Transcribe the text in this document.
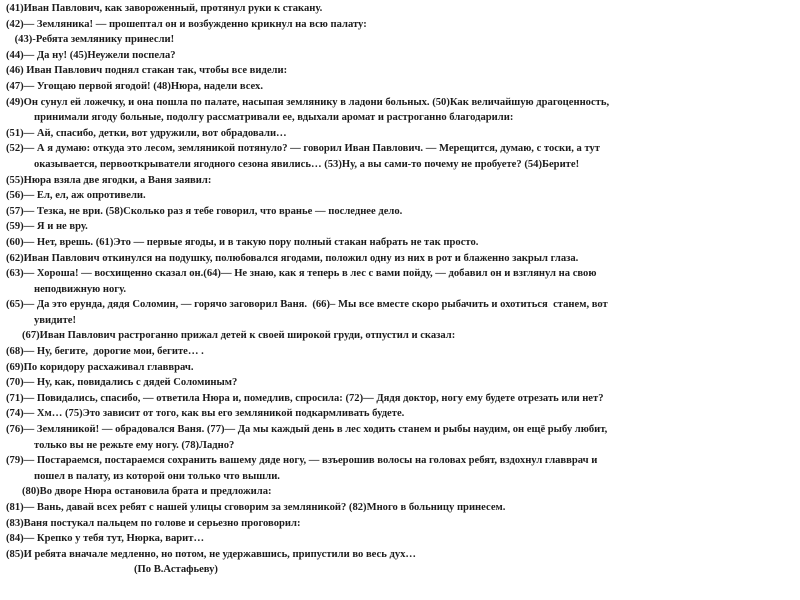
(41)Иван Павлович, как завороженный, протянул руки к стакану.
(42)— Земляника! — прошептал он и возбужденно крикнул на всю палату:
(43)-Ребята землянику принесли!
(44)— Да ну! (45)Неужели поспела?
(46) Иван Павлович поднял стакан так, чтобы все видели:
(47)— Угощаю первой ягодой! (48)Нюра, надели всех.
(49)Он сунул ей ложечку, и она пошла по палате, насыпая землянику в ладони больных. (50)Как величайшую драгоценность,
принимали ягоду больные, подолгу рассматривали ее, вдыхали аромат и растроганно благодарили:
(51)— Ай, спасибо, детки, вот удружили, вот обрадовали…
(52)— А я думаю: откуда это лесом, земляникой потянуло? — говорил Иван Павлович. — Мерещится, думаю, с тоски, а тут
оказывается, первооткрыватели ягодного сезона явились… (53)Ну, а вы сами-то почему не пробуете? (54)Берите!
(55)Нюра взяла две ягодки, а Ваня заявил:
(56)— Ел, ел, аж опротивели.
(57)— Тезка, не ври. (58)Сколько раз я тебе говорил, что вранье — последнее дело.
(59)— Я и не вру.
(60)— Нет, врешь. (61)Это — первые ягоды, и в такую пору полный стакан набрать не так просто.
(62)Иван Павлович откинулся на подушку, полюбовался ягодами, положил одну из них в рот и блаженно закрыл глаза.
(63)— Хороша! — восхищенно сказал он.(64)— Не знаю, как я теперь в лес с вами пойду, — добавил он и взглянул на свою
неподвижную ногу.
(65)— Да это ерунда, дядя Соломин, — горячо заговорил Ваня.  (66)– Мы все вместе скоро рыбачить и охотиться  станем, вот
увидите!
(67)Иван Павлович растроганно прижал детей к своей широкой груди, отпустил и сказал:
(68)— Ну, бегите,  дорогие мои, бегите… .
(69)По коридору расхаживал главврач.
(70)— Ну, как, повидались с дядей Соломиным?
(71)— Повидались, спасибо, — ответила Нюра и, помедлив, спросила: (72)— Дядя доктор, ногу ему будете отрезать или нет?
(74)— Хм… (75)Это зависит от того, как вы его земляникой подкармливать будете.
(76)— Земляникой! — обрадовался Ваня. (77)— Да мы каждый день в лес ходить станем и рыбы наудим, он ещё рыбу любит,
только вы не режьте ему ногу. (78)Ладно?
(79)— Постараемся, постараемся сохранить вашему дяде ногу, — взъерошив волосы на головах ребят, вздохнул главврач и
пошел в палату, из которой они только что вышли.
(80)Во дворе Нюра остановила брата и предложила:
(81)— Вань, давай всех ребят с нашей улицы сговорим за земляникой? (82)Много в больницу принесем.
(83)Ваня постукал пальцем по голове и серьезно проговорил:
(84)— Крепко у тебя тут, Нюрка, варит…
(85)И ребята вначале медленно, но потом, не удержавшись, припустили во весь дух…
(По В.Астафьеву)
